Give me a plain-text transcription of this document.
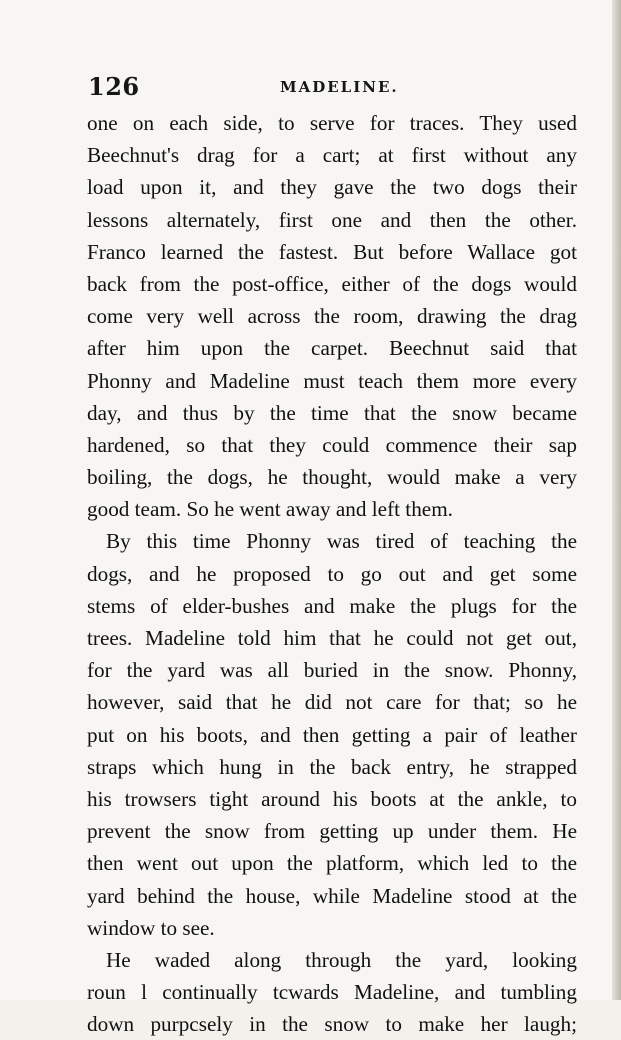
126	MADELINE.
one on each side, to serve for traces. They used
Beechnut's drag for a cart; at first without any
load upon it, and they gave the two dogs their
lessons alternately, first one and then the other.
Franco learned the fastest. But before Wallace got
back from the post-office, either of the dogs would
come very well across the room, drawing the drag
after him upon the carpet. Beechnut said that
Phonny and Madeline must teach them more every
day, and thus by the time that the snow became
hardened, so that they could commence their sap
boiling, the dogs, he thought, would make a very
good team. So he went away and left them.
By this time Phonny was tired of teaching the
dogs, and he proposed to go out and get some
stems of elder-bushes and make the plugs for the
trees. Madeline told him that he could not get out,
for the yard was all buried in the snow. Phonny,
however, said that he did not care for that; so he
put on his boots, and then getting a pair of leather
straps which hung in the back entry, he strapped
his trowsers tight around his boots at the ankle, to
prevent the snow from getting up under them. He
then went out upon the platform, which led to the
yard behind the house, while Madeline stood at the
window to see.
He waded along through the yard, looking
roun l continually tcwards Madeline, and tumbling
down purpcsely in the snow to make her laugh;
